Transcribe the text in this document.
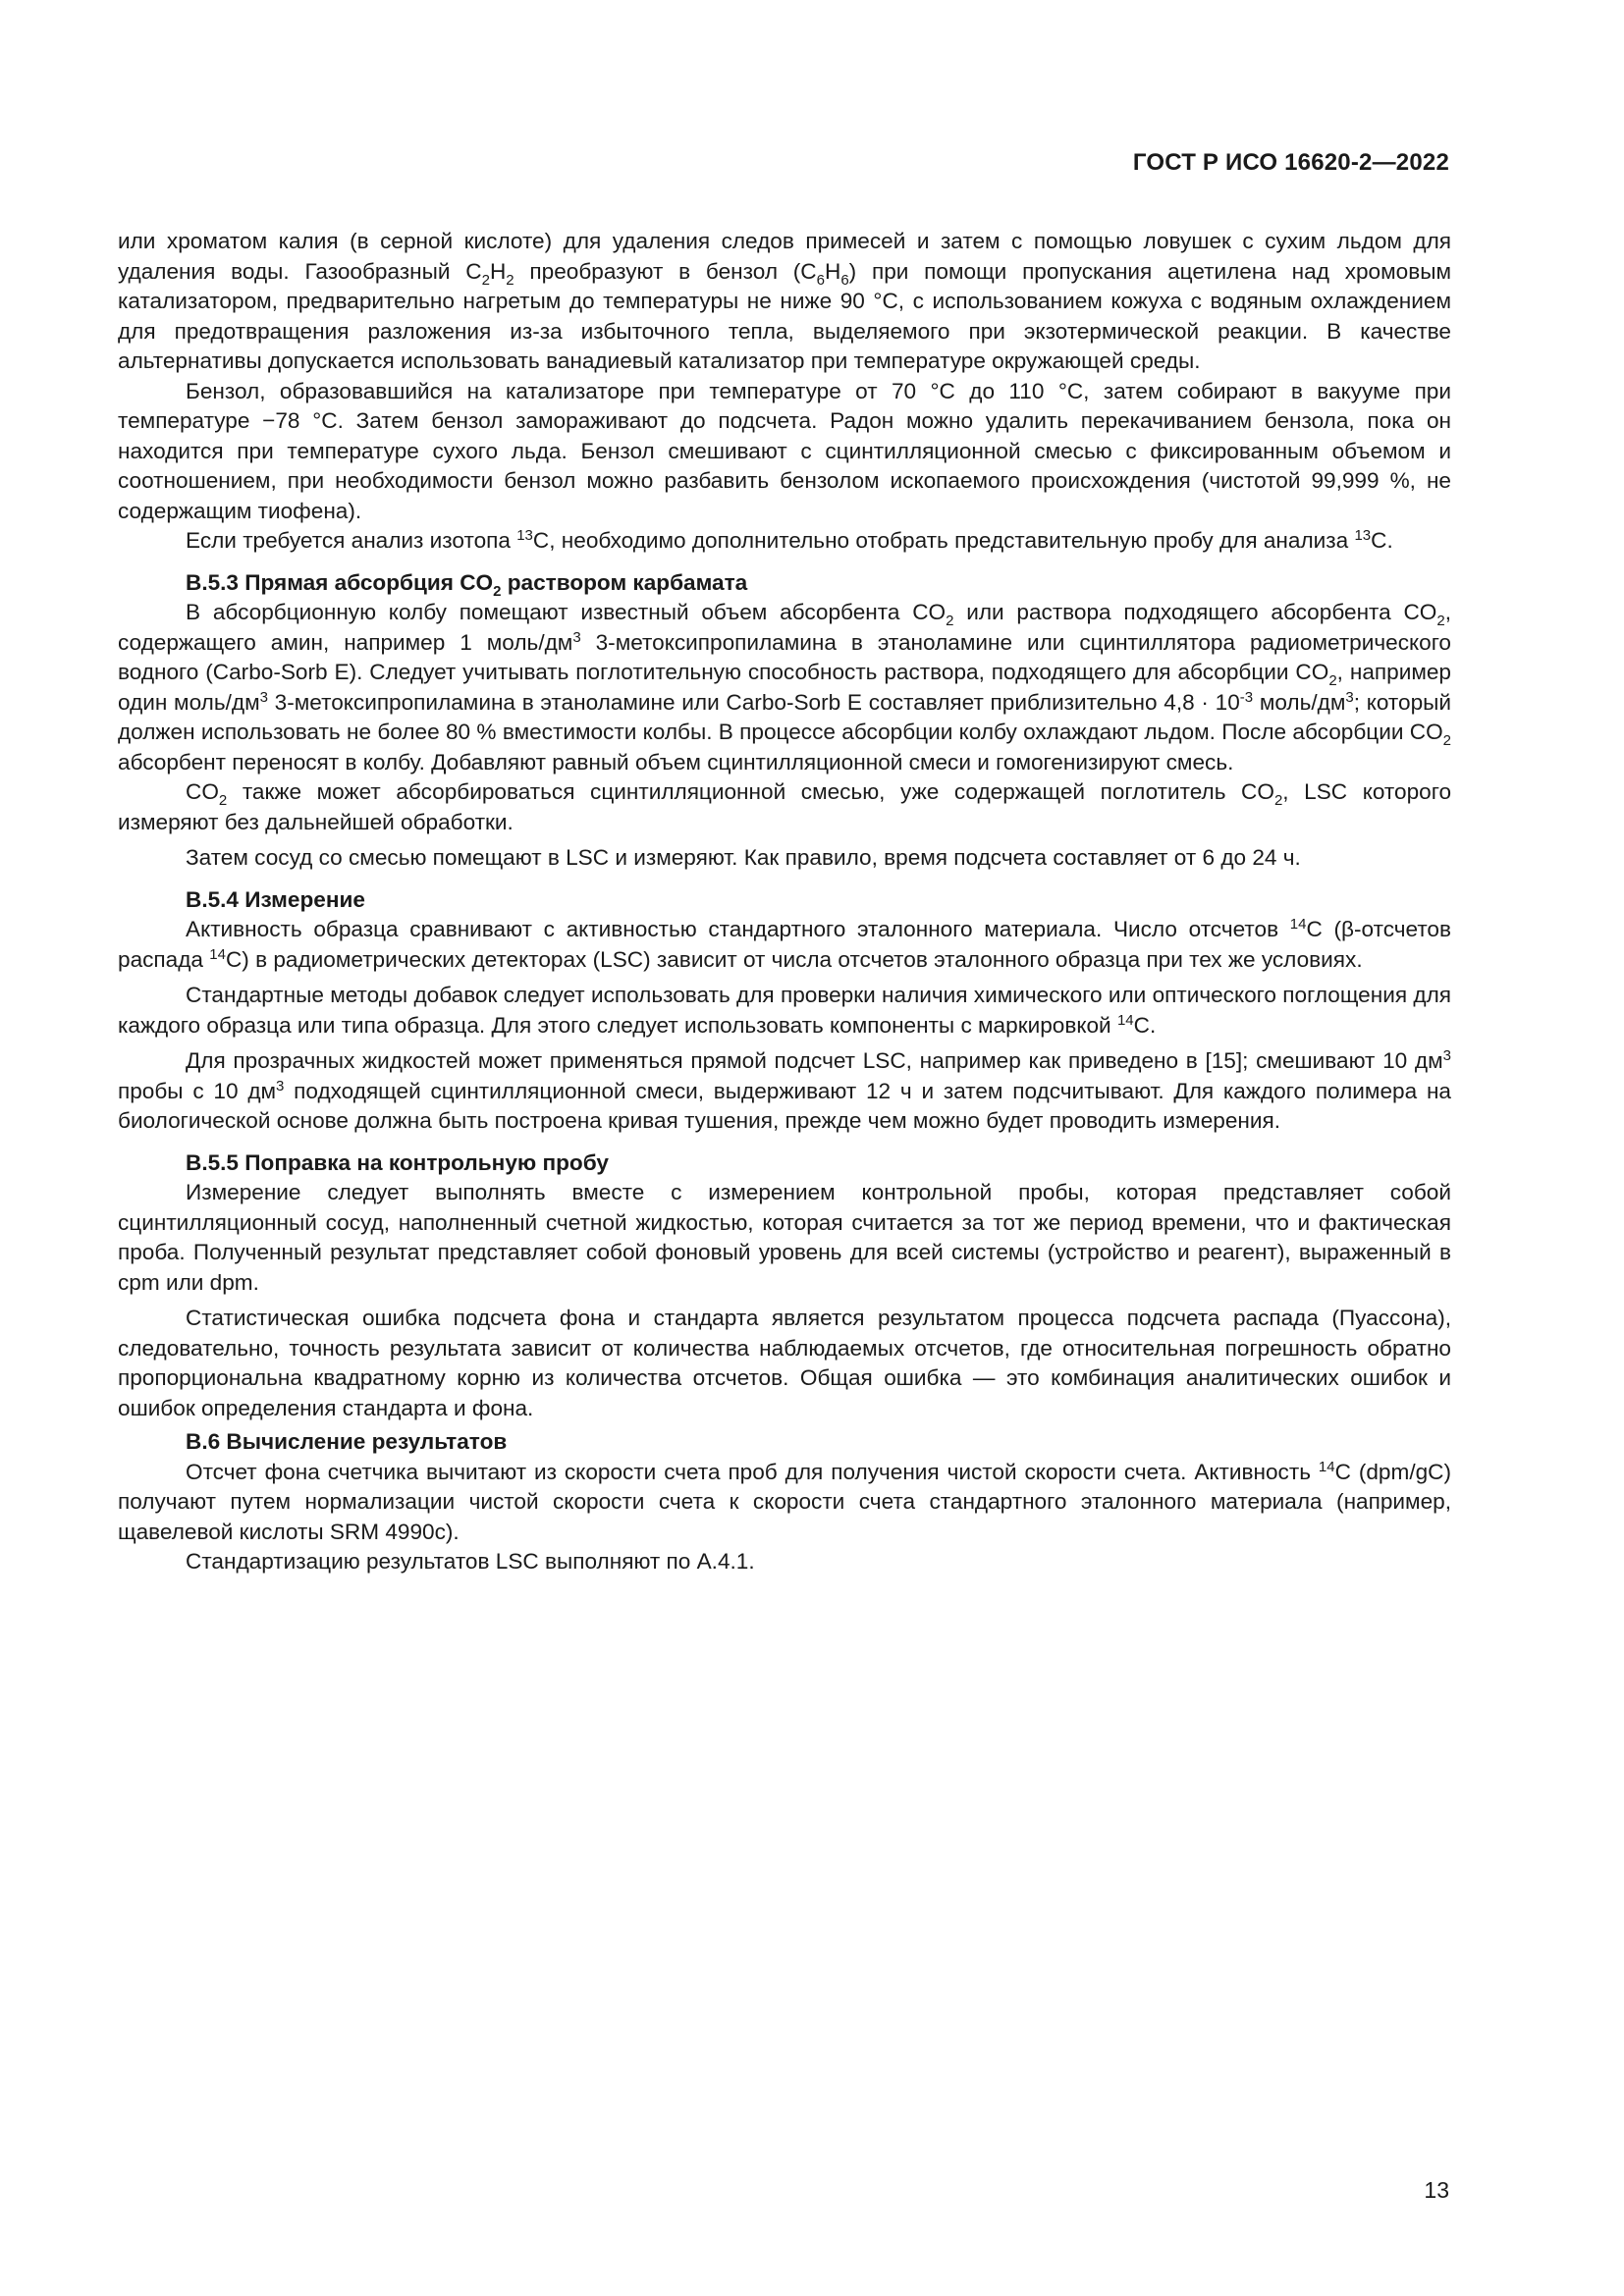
ГОСТ Р ИСО 16620-2—2022

или хроматом калия (в серной кислоте) для удаления следов примесей и затем с помощью ловушек с сухим льдом для удаления воды. Газообразный $C_2H_2$ преобразуют в бензол $(C_6H_6)$ при помощи пропускания ацетилена над хромовым катализатором, предварительно нагретым до температуры не ниже 90 °C, с использованием кожуха с водяным охлаждением для предотвращения разложения из-за избыточного тепла, выделяемого при экзотермической реакции. В качестве альтернативы допускается использовать ванадиевый катализатор при температуре окружающей среды.

Бензол, образовавшийся на катализаторе при температуре от 70 °C до 110 °C, затем собирают в вакууме при температуре −78 °C. Затем бензол замораживают до подсчета. Радон можно удалить перекачиванием бензола, пока он находится при температуре сухого льда. Бензол смешивают с сцинтилляционной смесью с фиксированным объемом и соотношением, при необходимости бензол можно разбавить бензолом ископаемого происхождения (чистотой 99,999 %, не содержащим тиофена).

Если требуется анализ изотопа $^{13}$C, необходимо дополнительно отобрать представительную пробу для анализа $^{13}$C.

В.5.3 Прямая абсорбция $CO_2$ раствором карбамата

В абсорбционную колбу помещают известный объем абсорбента $CO_2$ или раствора подходящего абсорбента $CO_2$, содержащего амин, например 1 моль/$дм^3$ 3-метоксипропиламина в этаноламине или сцинтиллятора радиометрического водного (Carbo-Sorb E). Следует учитывать поглотительную способность раствора, подходящего для абсорбции $CO_2$, например один моль/$дм^3$ 3-метоксипропиламина в этаноламине или Carbo-Sorb E составляет приблизительно $4,8 \cdot 10^{-3}$ моль/$дм^3$; который должен использовать не более 80 % вместимости колбы. В процессе абсорбции колбу охлаждают льдом. После абсорбции $CO_2$ абсорбент переносят в колбу. Добавляют равный объем сцинтилляционной смеси и гомогенизируют смесь.

$CO_2$ также может абсорбироваться сцинтилляционной смесью, уже содержащей поглотитель $CO_2$, LSC которого измеряют без дальнейшей обработки.

Затем сосуд со смесью помещают в LSC и измеряют. Как правило, время подсчета составляет от 6 до 24 ч.

В.5.4 Измерение

Активность образца сравнивают с активностью стандартного эталонного материала. Число отсчетов $^{14}$C (β-отсчетов распада $^{14}$C) в радиометрических детекторах (LSC) зависит от числа отсчетов эталонного образца при тех же условиях.

Стандартные методы добавок следует использовать для проверки наличия химического или оптического поглощения для каждого образца или типа образца. Для этого следует использовать компоненты с маркировкой $^{14}$C.

Для прозрачных жидкостей может применяться прямой подсчет LSC, например как приведено в [15]; смешивают 10 $дм^3$ пробы с 10 $дм^3$ подходящей сцинтилляционной смеси, выдерживают 12 ч и затем подсчитывают. Для каждого полимера на биологической основе должна быть построена кривая тушения, прежде чем можно будет проводить измерения.

В.5.5 Поправка на контрольную пробу

Измерение следует выполнять вместе с измерением контрольной пробы, которая представляет собой сцинтилляционный сосуд, наполненный счетной жидкостью, которая считается за тот же период времени, что и фактическая проба. Полученный результат представляет собой фоновый уровень для всей системы (устройство и реагент), выраженный в cpm или dpm.

Статистическая ошибка подсчета фона и стандарта является результатом процесса подсчета распада (Пуассона), следовательно, точность результата зависит от количества наблюдаемых отсчетов, где относительная погрешность обратно пропорциональна квадратному корню из количества отсчетов. Общая ошибка — это комбинация аналитических ошибок и ошибок определения стандарта и фона.

В.6 Вычисление результатов

Отсчет фона счетчика вычитают из скорости счета проб для получения чистой скорости счета. Активность $^{14}$C (dpm/gC) получают путем нормализации чистой скорости счета к скорости счета стандартного эталонного материала (например, щавелевой кислоты SRM 4990c).

Стандартизацию результатов LSC выполняют по A.4.1.

13
